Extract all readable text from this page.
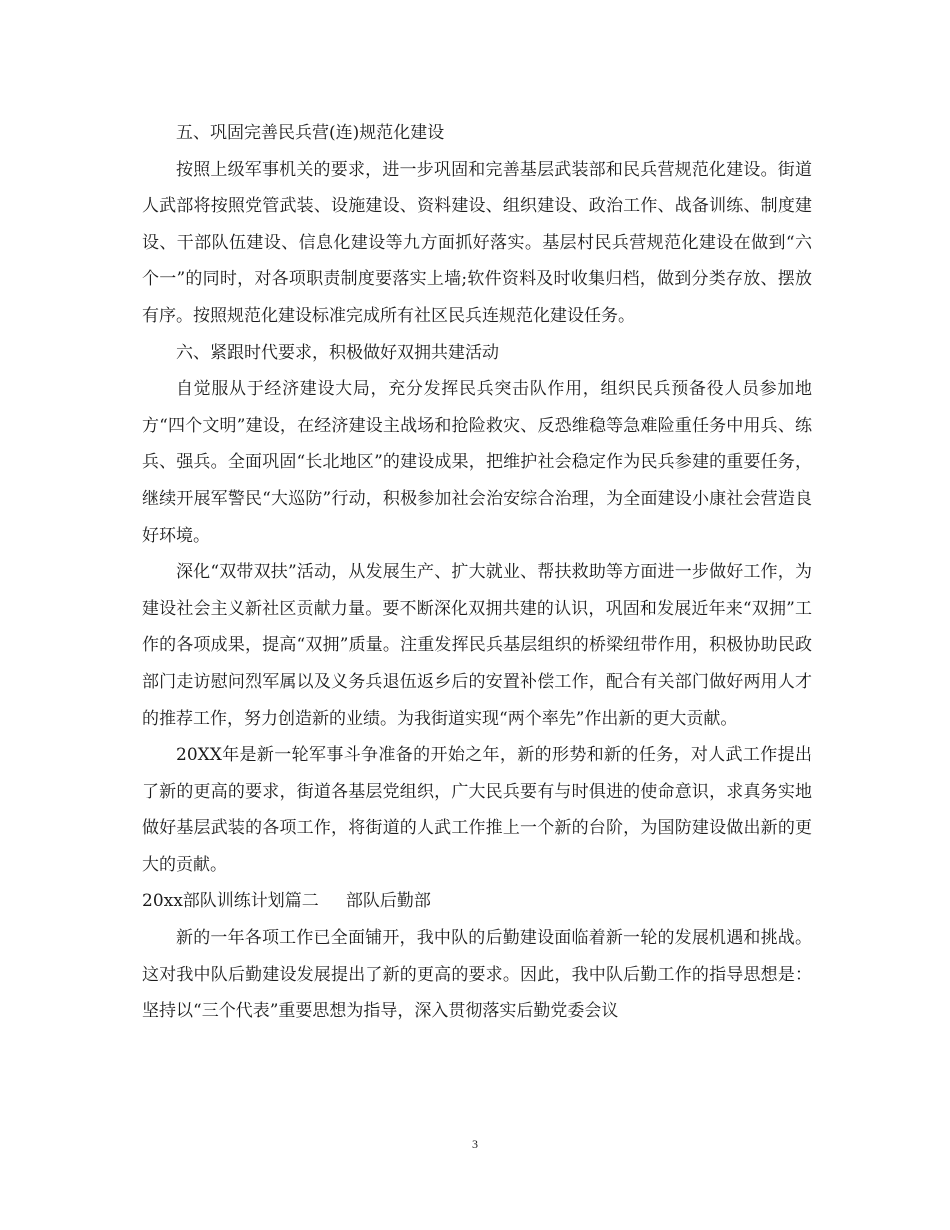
五、巩固完善民兵营(连)规范化建设

按照上级军事机关的要求，进一步巩固和完善基层武装部和民兵营规范化建设。街道人武部将按照党管武装、设施建设、资料建设、组织建设、政治工作、战备训练、制度建设、干部队伍建设、信息化建设等九方面抓好落实。基层村民兵营规范化建设在做到“六个一”的同时，对各项职责制度要落实上墙;软件资料及时收集归档，做到分类存放、摆放有序。按照规范化建设标准完成所有社区民兵连规范化建设任务。

六、紧跟时代要求，积极做好双拥共建活动

自觉服从于经济建设大局，充分发挥民兵突击队作用，组织民兵预备役人员参加地方“四个文明”建设，在经济建设主战场和抢险救灾、反恐维稳等急难险重任务中用兵、练兵、强兵。全面巩固“长北地区”的建设成果，把维护社会稳定作为民兵参建的重要任务，继续开展军警民“大巡防”行动，积极参加社会治安综合治理，为全面建设小康社会营造良好环境。

深化“双带双扶”活动，从发展生产、扩大就业、帮扶救助等方面进一步做好工作，为建设社会主义新社区贡献力量。要不断深化双拥共建的认识，巩固和发展近年来“双拥”工作的各项成果，提高“双拥”质量。注重发挥民兵基层组织的桥梁纽带作用，积极协助民政部门走访慰问烈军属以及义务兵退伍返乡后的安置补偿工作，配合有关部门做好两用人才的推荐工作，努力创造新的业绩。为我街道实现“两个率先”作出新的更大贡献。

20XX年是新一轮军事斗争准备的开始之年，新的形势和新的任务，对人武工作提出了新的更高的要求，街道各基层党组织，广大民兵要有与时俱进的使命意识，求真务实地做好基层武装的各项工作，将街道的人武工作推上一个新的台阶，为国防建设做出新的更大的贡献。

20xx部队训练计划篇二     部队后勤部

新的一年各项工作已全面铺开，我中队的后勤建设面临着新一轮的发展机遇和挑战。这对我中队后勤建设发展提出了新的更高的要求。因此，我中队后勤工作的指导思想是：坚持以“三个代表”重要思想为指导，深入贯彻落实后勤党委会议

3
